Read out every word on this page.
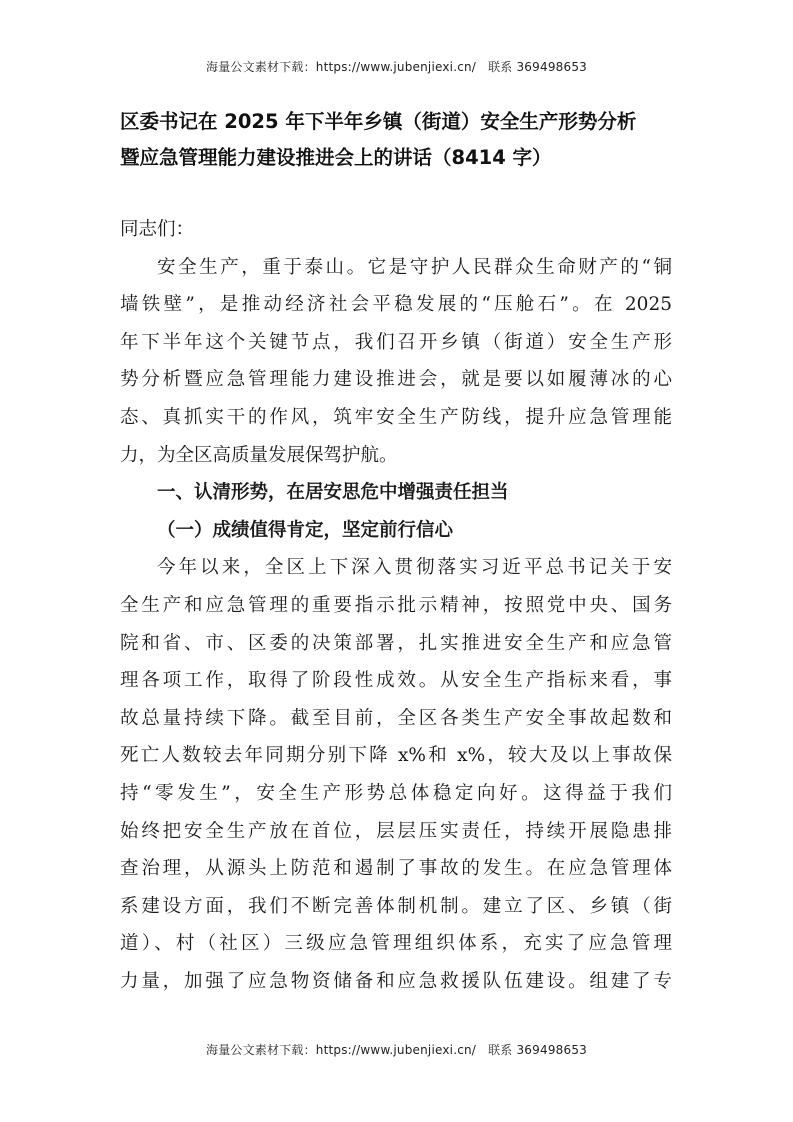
海量公文素材下载：https://www.jubenjiexi.cn/ 联系 369498653
区委书记在 2025 年下半年乡镇（街道）安全生产形势分析
暨应急管理能力建设推进会上的讲话（8414 字）

同志们：

安全生产，重于泰山。它是守护人民群众生命财产的“铜

墙铁壁”，是推动经济社会平稳发展的“压舱石”。在 2025
年下半年这个关键节点，我们召开乡镇（街道）安全生产形
势分析暨应急管理能力建设推进会，就是要以如履薄冰的心
态、真抓实干的作风，筑牢安全生产防线，提升应急管理能
力，为全区高质量发展保驾护航。

一、认清形势，在居安思危中增强责任担当

（一）成绩值得肯定，坚定前行信心

今年以来，全区上下深入贯彻落实习近平总书记关于安

全生产和应急管理的重要指示批示精神，按照党中央、国务
院和省、市、区委的决策部署，扎实推进安全生产和应急管
理各项工作，取得了阶段性成效。从安全生产指标来看，事
故总量持续下降。截至目前，全区各类生产安全事故起数和
死亡人数较去年同期分别下降 x%和 x%，较大及以上事故保
持“零发生”，安全生产形势总体稳定向好。这得益于我们
始终把安全生产放在首位，层层压实责任，持续开展隐患排
查治理，从源头上防范和遏制了事故的发生。在应急管理体
系建设方面，我们不断完善体制机制。建立了区、乡镇（街
道）、村（社区）三级应急管理组织体系，充实了应急管理
力量，加强了应急物资储备和应急救援队伍建设。组建了专

海量公文素材下载：https://www.jubenjiexi.cn/ 联系 369498653
